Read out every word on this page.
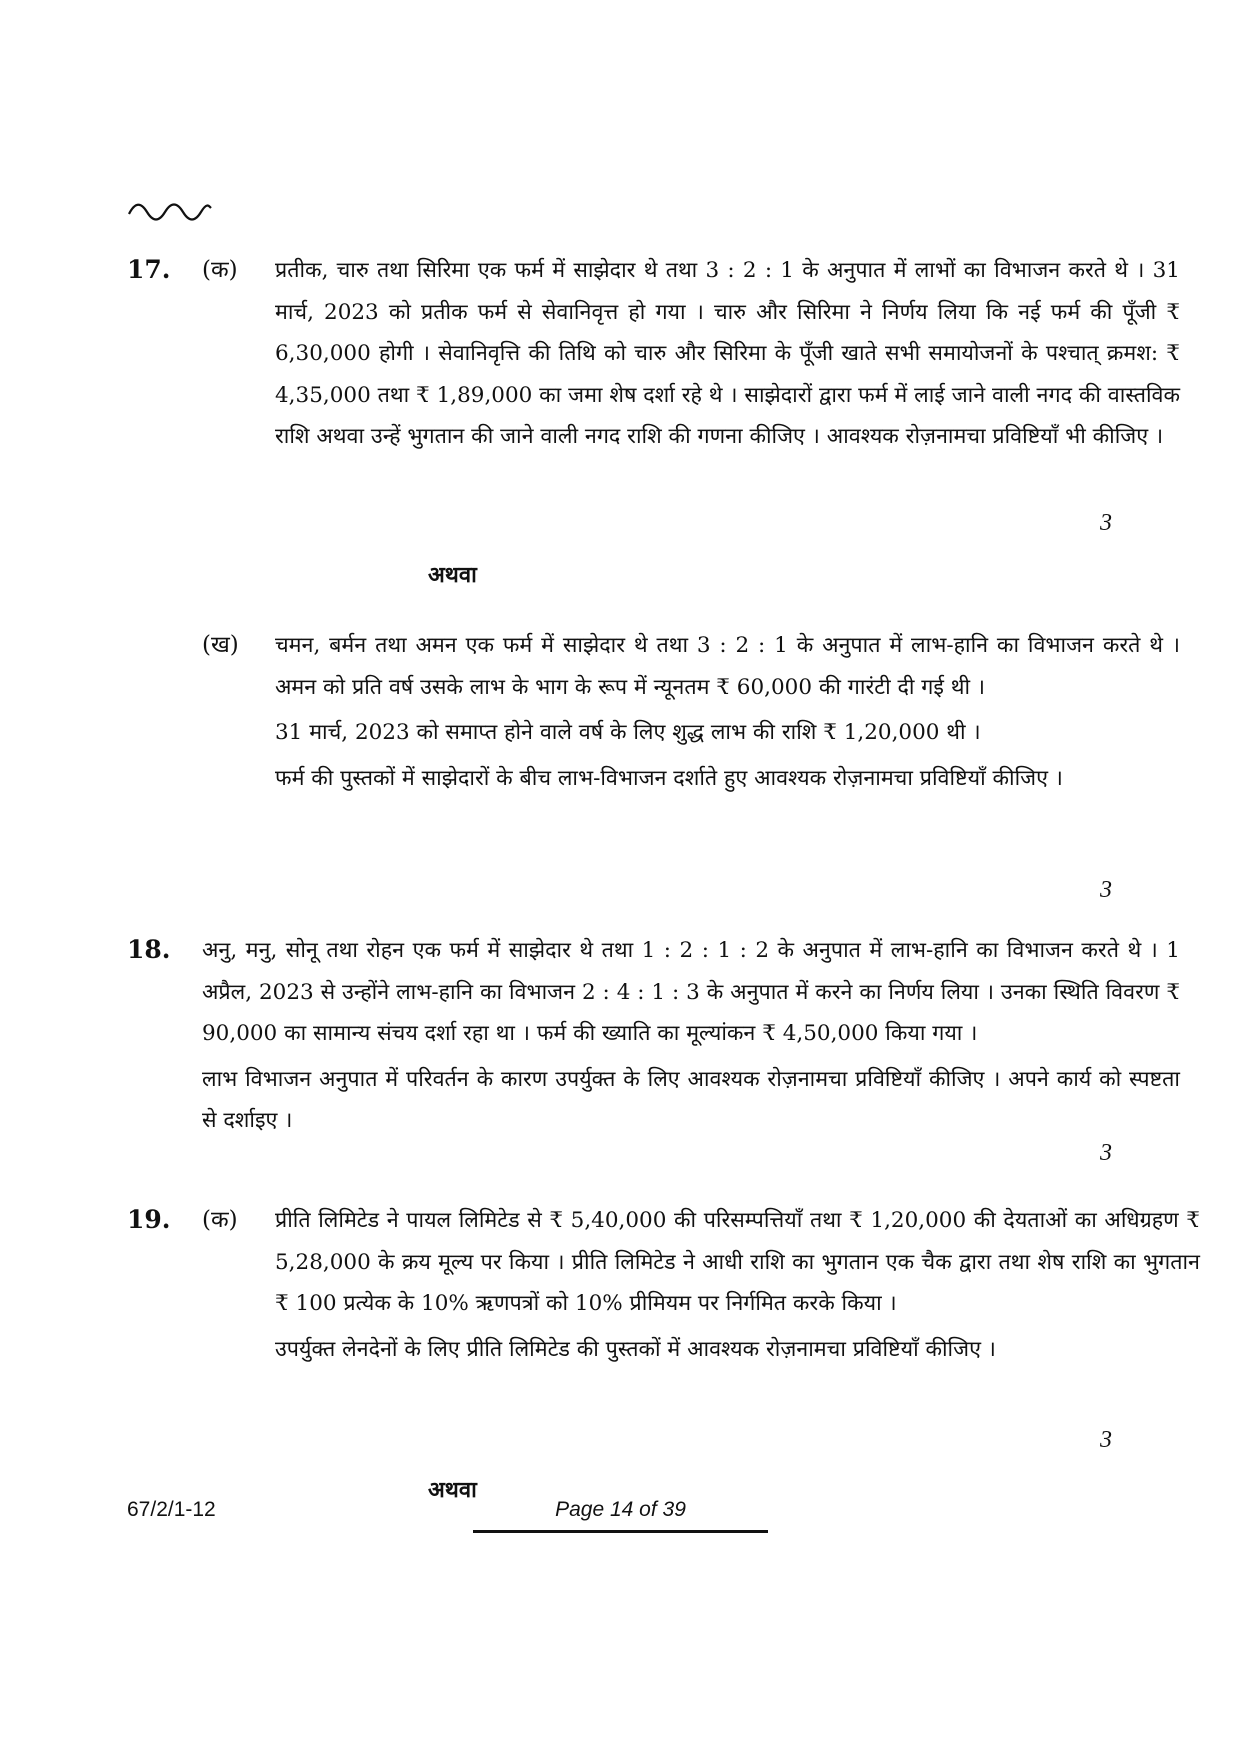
17. (क) प्रतीक, चारु तथा सिरिमा एक फर्म में साझेदार थे तथा 3 : 2 : 1 के अनुपात में लाभों का विभाजन करते थे । 31 मार्च, 2023 को प्रतीक फर्म से सेवानिवृत्त हो गया । चारु और सिरिमा ने निर्णय लिया कि नई फर्म की पूँजी ₹ 6,30,000 होगी । सेवानिवृत्ति की तिथि को चारु और सिरिमा के पूँजी खाते सभी समायोजनों के पश्चात् क्रमश: ₹ 4,35,000 तथा ₹ 1,89,000 का जमा शेष दर्शा रहे थे । साझेदारों द्वारा फर्म में लाई जाने वाली नगद की वास्तविक राशि अथवा उन्हें भुगतान की जाने वाली नगद राशि की गणना कीजिए । आवश्यक रोज़नामचा प्रविष्टियाँ भी कीजिए ।

3
अथवा
(ख) चमन, बर्मन तथा अमन एक फर्म में साझेदार थे तथा 3 : 2 : 1 के अनुपात में लाभ-हानि का विभाजन करते थे । अमन को प्रति वर्ष उसके लाभ के भाग के रूप में न्यूनतम ₹ 60,000 की गारंटी दी गई थी ।

31 मार्च, 2023 को समाप्त होने वाले वर्ष के लिए शुद्ध लाभ की राशि ₹ 1,20,000 थी ।

फर्म की पुस्तकों में साझेदारों के बीच लाभ-विभाजन दर्शाते हुए आवश्यक रोज़नामचा प्रविष्टियाँ कीजिए ।

3
18. अनु, मनु, सोनू तथा रोहन एक फर्म में साझेदार थे तथा 1 : 2 : 1 : 2 के अनुपात में लाभ-हानि का विभाजन करते थे । 1 अप्रैल, 2023 से उन्होंने लाभ-हानि का विभाजन 2 : 4 : 1 : 3 के अनुपात में करने का निर्णय लिया । उनका स्थिति विवरण ₹ 90,000 का सामान्य संचय दर्शा रहा था । फर्म की ख्याति का मूल्यांकन ₹ 4,50,000 किया गया ।

लाभ विभाजन अनुपात में परिवर्तन के कारण उपर्युक्त के लिए आवश्यक रोज़नामचा प्रविष्टियाँ कीजिए । अपने कार्य को स्पष्टता से दर्शाइए ।

3
19. (क) प्रीति लिमिटेड ने पायल लिमिटेड से ₹ 5,40,000 की परिसम्पत्तियाँ तथा ₹ 1,20,000 की देयताओं का अधिग्रहण ₹ 5,28,000 के क्रय मूल्य पर किया । प्रीति लिमिटेड ने आधी राशि का भुगतान एक चैक द्वारा तथा शेष राशि का भुगतान ₹ 100 प्रत्येक के 10% ऋणपत्रों को 10% प्रीमियम पर निर्गमित करके किया ।

उपर्युक्त लेनदेनों के लिए प्रीति लिमिटेड की पुस्तकों में आवश्यक रोज़नामचा प्रविष्टियाँ कीजिए ।

3
अथवा
67/2/1-12	Page 14 of 39
